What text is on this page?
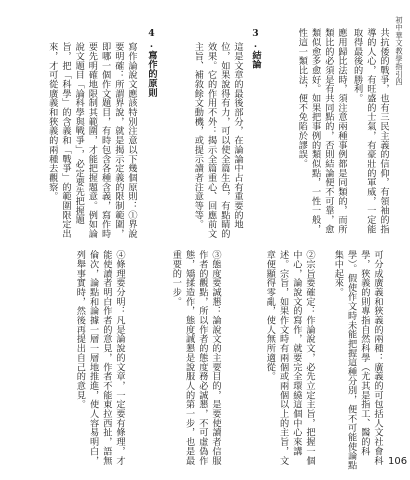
初中華文教學指引四
共抗倭的戰爭，也有三民主義的信仰，有領袖的指導的人心，有旺盛的士氣，有豪壯的軍威，一定能取得最後的勝利。
應用歸比法時，須注意兩種事例都是同類的，而所類比的必須是有共同點的，否則結論便不可靠，愈類似愈多愈好。如果把事例的類似點，一性一般，性這一類比法，便不免陷於謬誤。
3.結論
這是文章的最後部分，在論論中占有重要的地位，如果說得有力，可以使全篇生色，有點睛的效果。它的作用不外：揭示全篇重心、回應前文主旨、補敘餘文動機，或提示讀者注意等等。
4.寫作的原則
寫作論說文應該特別注意以下幾個原則：①界說要明確：所謂界說，就是揭示定義的限制範圍，即哪一個作文題目，有時包含各種含義，寫作時要先明確地限制其範圍，才能把握題意。例如論說文題目「論科學與戰爭」，必定要先把握題旨，把「科學」的含義和「戰爭」的範圍限定出來，才可從廣義和狹義的兩種去觀察。
106
可分成廣義和狹義的兩種：廣義的可包括人文社會科學，狹義的則專指自然科學（尤其是指工、醫的科學）。假使作文時未能把握這種分別，便不可能使論點集中起來。
②宗旨要確定：作論說文，必先立定主旨，把握一個中心，論說文的寫作，就要完全環繞這個中心來講述。宗旨，如果作文時有兩個或兩個以上的主旨，文章便顯得零亂，使人無所適從。
③態度要誠懇：論說文的主要目的，是要使讀者信服作者的觀點，所以作者的態度務必誠懇，不可虛偽作態，矯揉造作，態度誠懇是說服人的第一步，也是最重要的一步。
④條理要分明：凡是論說的文章，一定要有條理，才能使讀者明白作者的意見，作者不能東拉西扯，語無倫次，論點和論據一層一層地推進，使人容易明白，列舉事實時，然後再提出自己的意見。
